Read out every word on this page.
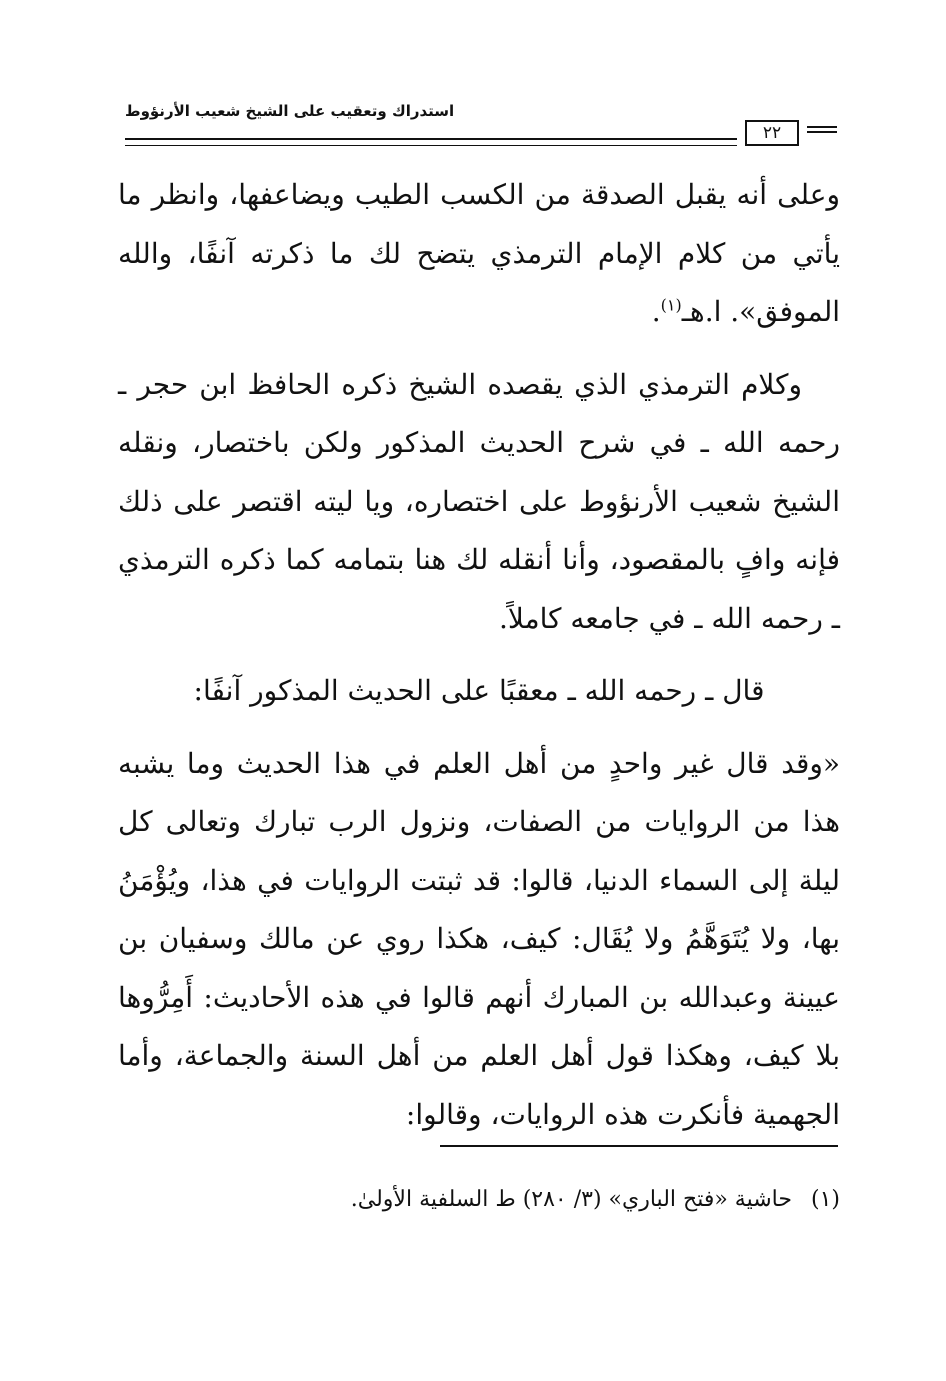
استدراك وتعقيب على الشيخ شعيب الأرنؤوط
٢٢

وعلى أنه يقبل الصدقة من الكسب الطيب ويضاعفها، وانظر ما يأتي من كلام الإمام الترمذي يتضح لك ما ذكرته آنفًا، والله الموفق». ا.هـ$^{(١)}$.

وكلام الترمذي الذي يقصده الشيخ ذكره الحافظ ابن حجر ـ رحمه الله ـ في شرح الحديث المذكور ولكن باختصار، ونقله الشيخ شعيب الأرنؤوط على اختصاره، ويا ليته اقتصر على ذلك فإنه وافٍ بالمقصود، وأنا أنقله لك هنا بتمامه كما ذكره الترمذي ـ رحمه الله ـ في جامعه كاملاً.

قال ـ رحمه الله ـ معقبًا على الحديث المذكور آنفًا:

«وقد قال غير واحدٍ من أهل العلم في هذا الحديث وما يشبه هذا من الروايات من الصفات، ونزول الرب تبارك وتعالى كل ليلة إلى السماء الدنيا، قالوا: قد ثبتت الروايات في هذا، ويُؤْمَنُ بها، ولا يُتَوَهَّمُ ولا يُقَال: كيف، هكذا روي عن مالك وسفيان بن عيينة وعبدالله بن المبارك أنهم قالوا في هذه الأحاديث: أَمِرُّوها بلا كيف، وهكذا قول أهل العلم من أهل السنة والجماعة، وأما الجهمية فأنكرت هذه الروايات، وقالوا:

(١) حاشية «فتح الباري» (٣/ ٢٨٠) ط السلفية الأولىٰ.
